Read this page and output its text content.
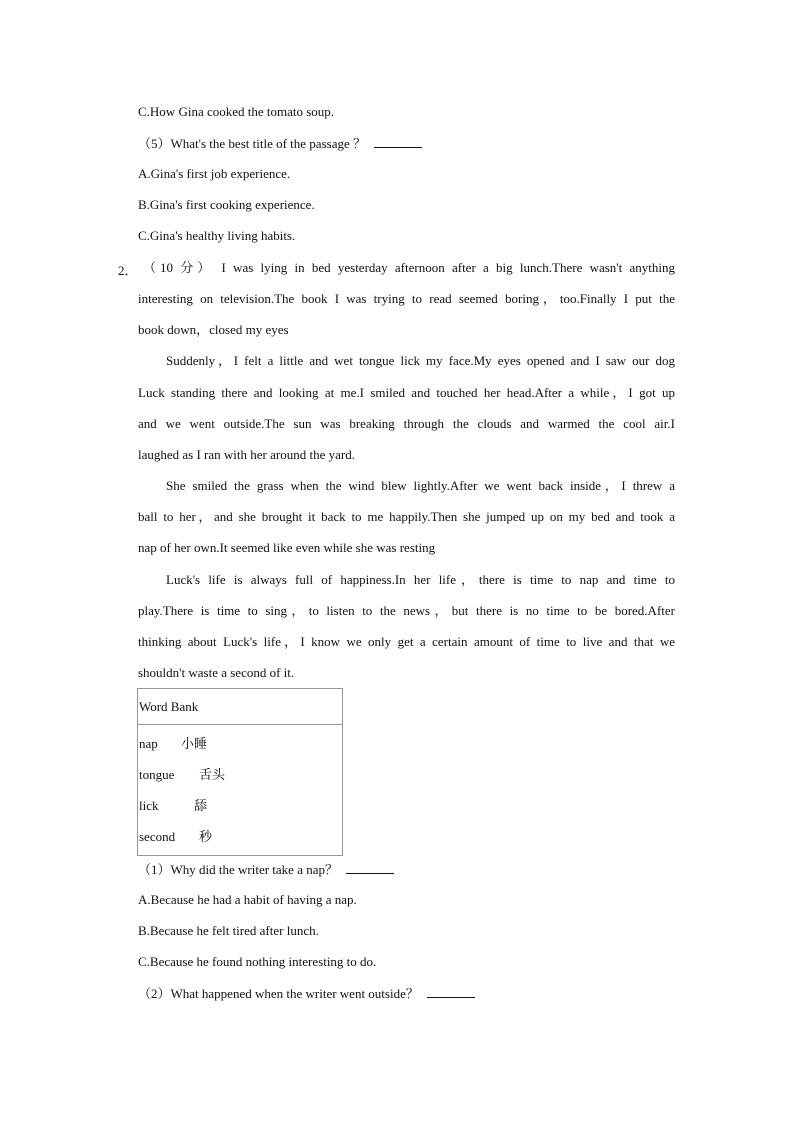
C.How Gina cooked the tomato soup.
（5）What's the best title of the passage ？
A.Gina's first job experience.
B.Gina's first cooking experience.
C.Gina's healthy living habits.
2． （10 分） I was lying in bed yesterday afternoon after a big lunch.There wasn't anything
interesting on television.The book I was trying to read seemed boring，too.Finally I put the
book down，closed my eyes
Suddenly，I felt a little and wet tongue lick my face.My eyes opened and I saw our dog
Luck standing there and looking at me.I smiled and touched her head.After a while，I got up
and we went outside.The sun was breaking through the clouds and warmed the cool air.I
laughed as I ran with her around the yard.
She smiled the grass when the wind blew lightly.After we went back inside，I threw a
ball to her，and she brought it back to me happily.Then she jumped up on my bed and took a
nap of her own.It seemed like even while she was resting
Luck's life is always full of happiness.In her life，there is time to nap and time to
play.There is time to sing，to listen to the news，but there is no time to be bored.After
thinking about Luck's life，I know we only get a certain amount of time to live and that we
shouldn't waste a second of it.
Word Bank

nap 小睡
tongue 舌头
lick	舔
second 秒
（1）Why did the writer take a nap？
A.Because he had a habit of having a nap.
B.Because he felt tired after lunch.
C.Because he found nothing interesting to do.
（2）What happened when the writer went outside？
